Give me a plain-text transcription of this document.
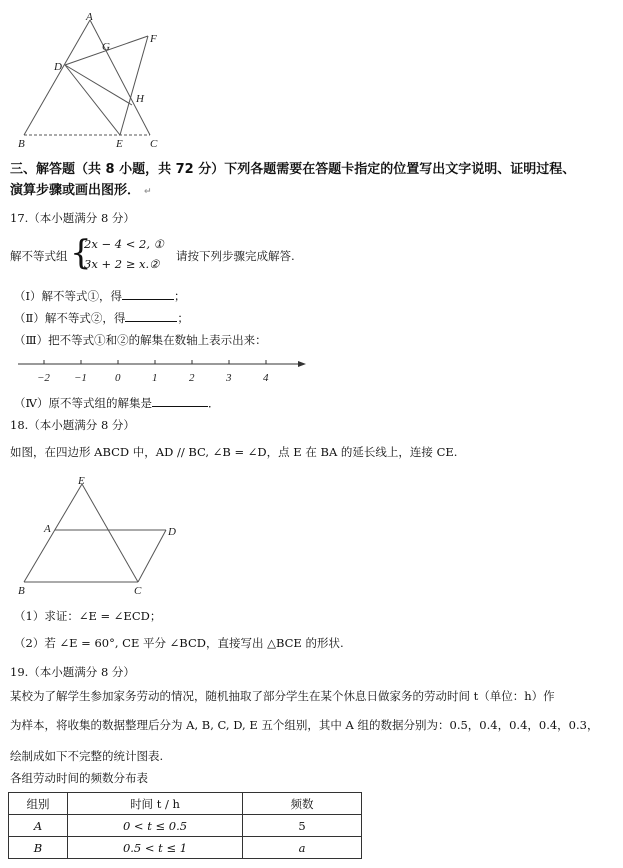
A
G
F
D
H
B	E C
三、解答题（共 8 小题，共 72 分）下列各题需要在答题卡指定的位置写出文字说明、证明过程、
演算步骤或画出图形． ↵
17.（本小题满分 8 分）
解不等式组 {
2x − 4 < 2, ①
3x + 2 ≥ x.②
请按下列步骤完成解答.
（Ⅰ）解不等式①，得	；
（Ⅱ）解不等式②，得	；
（Ⅲ）把不等式①和②的解集在数轴上表示出来：
−2 −1	0	1	2	3	4
（Ⅳ）原不等式组的解集是	．
18.（本小题满分 8 分）
如图，在四边形 ABCD 中，AD // BC, ∠B = ∠D，点 E 在 BA 的延长线上，连接 CE.
E
A	D
B	C
（1）求证：∠E = ∠ECD；
（2）若 ∠E = 60°, CE 平分 ∠BCD，直接写出 △BCE 的形状.
19.（本小题满分 8 分）
某校为了解学生参加家务劳动的情况，随机抽取了部分学生在某个休息日做家务的劳动时间 t（单位：h）作
为样本，将收集的数据整理后分为 A, B, C, D, E 五个组别，其中 A 组的数据分别为：0.5，0.4，0.4，0.4，0.3，
绘制成如下不完整的统计图表.
各组劳动时间的频数分布表
组别	时间 t / h	频数
A	0 < t ≤ 0.5	5
B	0.5 < t ≤ 1	a
